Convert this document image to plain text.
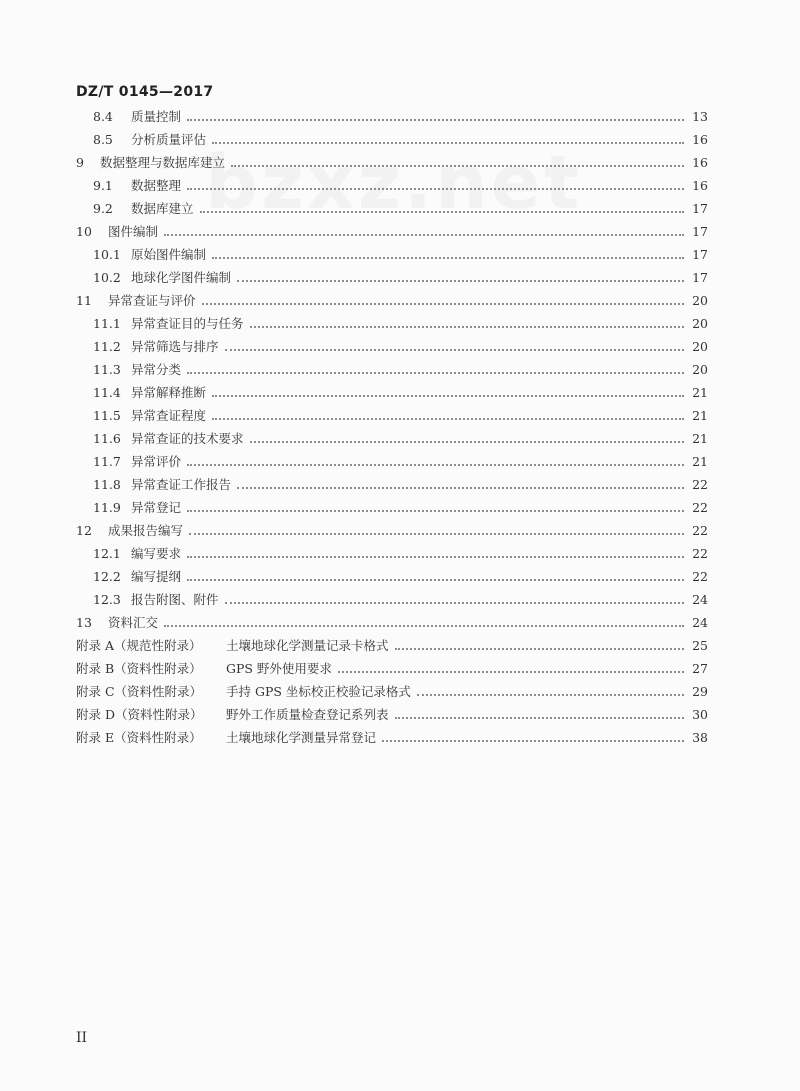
DZ/T 0145—2017
bzxz.net
8.4	质量控制	13
8.5	分析质量评估	16
9	数据整理与数据库建立	16
9.1	数据整理	16
9.2	数据库建立	17
10	图件编制	17
10.1 原始图件编制	17
10.2 地球化学图件编制	17
11	异常查证与评价	20
11.1 异常查证目的与任务	20
11.2 异常筛选与排序	20
11.3 异常分类	20
11.4 异常解释推断	21
11.5 异常查证程度	21
11.6 异常查证的技术要求	21
11.7 异常评价	21
11.8 异常查证工作报告	22
11.9 异常登记	22
12	成果报告编写	22
12.1 编写要求	22
12.2 编写提纲	22
12.3 报告附图、附件	24
13	资料汇交	24
附录 A（规范性附录）	土壤地球化学测量记录卡格式	25
附录 B（资料性附录）	GPS 野外使用要求	27
附录 C（资料性附录）	手持 GPS 坐标校正校验记录格式	29
附录 D（资料性附录）	野外工作质量检查登记系列表	30
附录 E（资料性附录）	土壤地球化学测量异常登记	38
II
